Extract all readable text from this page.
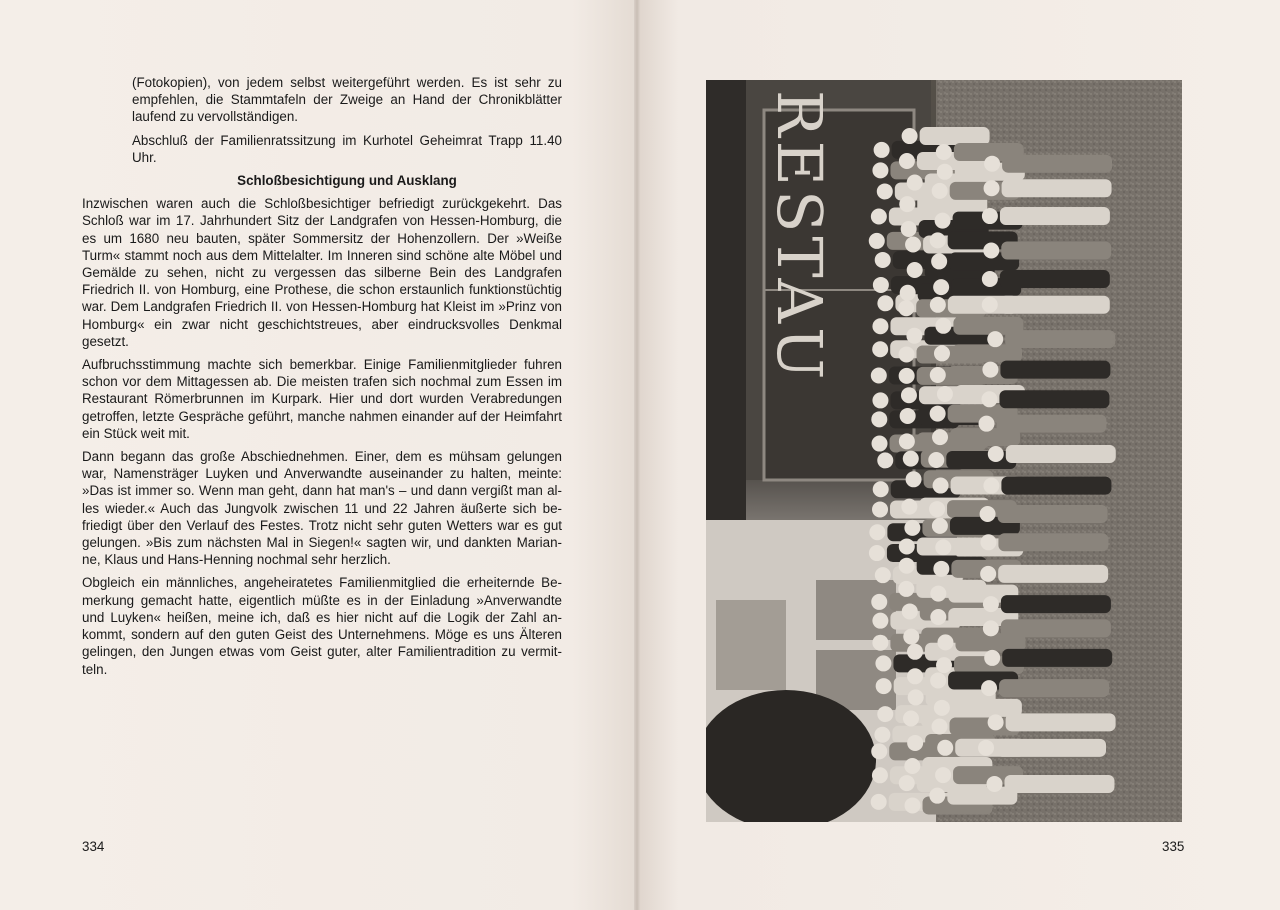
(Fotokopien), von jedem selbst weitergeführt werden. Es ist sehr zu empfehlen, die Stammtafeln der Zweige an Hand der Chronikblätter laufend zu vervollständigen.

Abschluß der Familienratssitzung im Kurhotel Geheimrat Trapp 11.40 Uhr.

Schloßbesichtigung und Ausklang

Inzwischen waren auch die Schloßbesichtiger befriedigt zurückgekehrt. Das Schloß war im 17. Jahrhundert Sitz der Landgrafen von Hessen-Homburg, die es um 1680 neu bauten, später Sommersitz der Hohenzollern. Der »Weiße Turm« stammt noch aus dem Mittelalter. Im Inneren sind schöne alte Möbel und Gemälde zu sehen, nicht zu vergessen das silberne Bein des Landgrafen Friedrich II. von Homburg, eine Prothese, die schon erstaunlich funktionstüchtig war. Dem Landgrafen Friedrich II. von Hessen-Homburg hat Kleist im »Prinz von Homburg« ein zwar nicht geschichtstreues, aber eindrucksvolles Denkmal gesetzt.

Aufbruchsstimmung machte sich bemerkbar. Einige Familienmitglieder fuhren schon vor dem Mittagessen ab. Die meisten trafen sich nochmal zum Essen im Restaurant Römerbrunnen im Kurpark. Hier und dort wurden Verabredungen getroffen, letzte Gespräche geführt, manche nahmen einander auf der Heimfahrt ein Stück weit mit.

Dann begann das große Abschiednehmen. Einer, dem es mühsam gelungen war, Namensträger Luyken und Anverwandte auseinander zu halten, meinte: »Das ist immer so. Wenn man geht, dann hat man's – und dann vergißt man alles wieder.« Auch das Jungvolk zwischen 11 und 22 Jahren äußerte sich befriedigt über den Verlauf des Festes. Trotz nicht sehr guten Wetters war es gut gelungen. »Bis zum nächsten Mal in Siegen!« sagten wir, und dankten Marianne, Klaus und Hans-Henning nochmal sehr herzlich.

Obgleich ein männliches, angeheiratetes Familienmitglied die erheiternde Bemerkung gemacht hatte, eigentlich müßte es in der Einladung »Anverwandte und Luyken« heißen, meine ich, daß es hier nicht auf die Logik der Zahl ankommt, sondern auf den guten Geist des Unternehmens. Möge es uns Älteren gelingen, den Jungen etwas vom Geist guter, alter Familientradition zu vermitteln.

334	335
RESTAU
